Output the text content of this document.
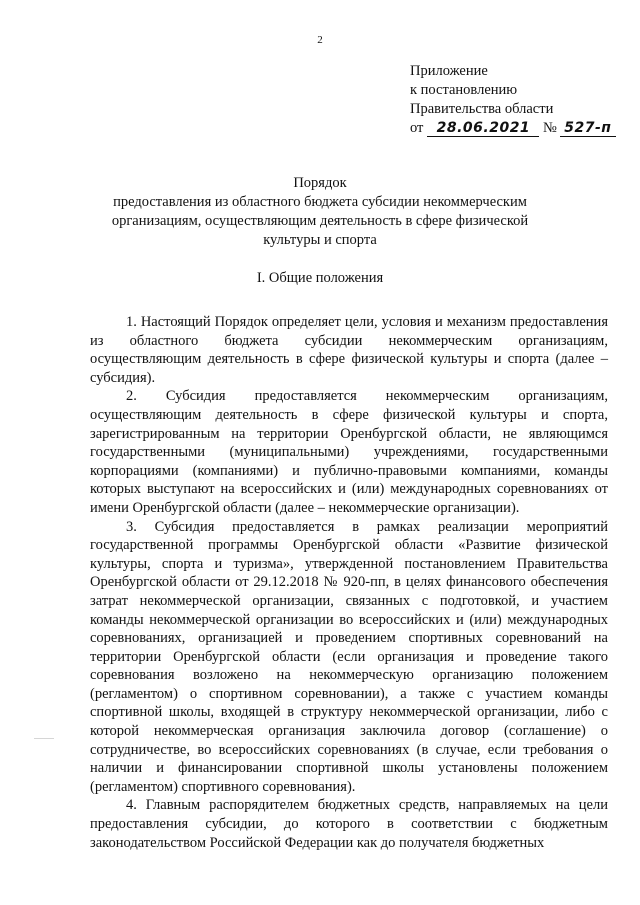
2
Приложение
к постановлению
Правительства области
от 28.06.2021 № 527-п
Порядок
предоставления из областного бюджета субсидии некоммерческим организациям, осуществляющим деятельность в сфере физической культуры и спорта
I. Общие положения

1. Настоящий Порядок определяет цели, условия и механизм предоставления из областного бюджета субсидии некоммерческим организациям, осуществляющим деятельность в сфере физической культуры и спорта (далее – субсидия).

2. Субсидия предоставляется некоммерческим организациям, осуществляющим деятельность в сфере физической культуры и спорта, зарегистрированным на территории Оренбургской области, не являющимся государственными (муниципальными) учреждениями, государственными корпорациями (компаниями) и публично-правовыми компаниями, команды которых выступают на всероссийских и (или) международных соревнованиях от имени Оренбургской области (далее – некоммерческие организации).

3. Субсидия предоставляется в рамках реализации мероприятий государственной программы Оренбургской области «Развитие физической культуры, спорта и туризма», утвержденной постановлением Правительства Оренбургской области от 29.12.2018 № 920-пп, в целях финансового обеспечения затрат некоммерческой организации, связанных с подготовкой, и участием команды некоммерческой организации во всероссийских и (или) международных соревнованиях, организацией и проведением спортивных соревнований на территории Оренбургской области (если организация и проведение такого соревнования возложено на некоммерческую организацию положением (регламентом) о спортивном соревновании), а также с участием команды спортивной школы, входящей в структуру некоммерческой организации, либо с которой некоммерческая организация заключила договор (соглашение) о сотрудничестве, во всероссийских соревнованиях (в случае, если требования о наличии и финансировании спортивной школы установлены положением (регламентом) спортивного соревнования).

4. Главным распорядителем бюджетных средств, направляемых на цели предоставления субсидии, до которого в соответствии с бюджетным законодательством Российской Федерации как до получателя бюджетных
